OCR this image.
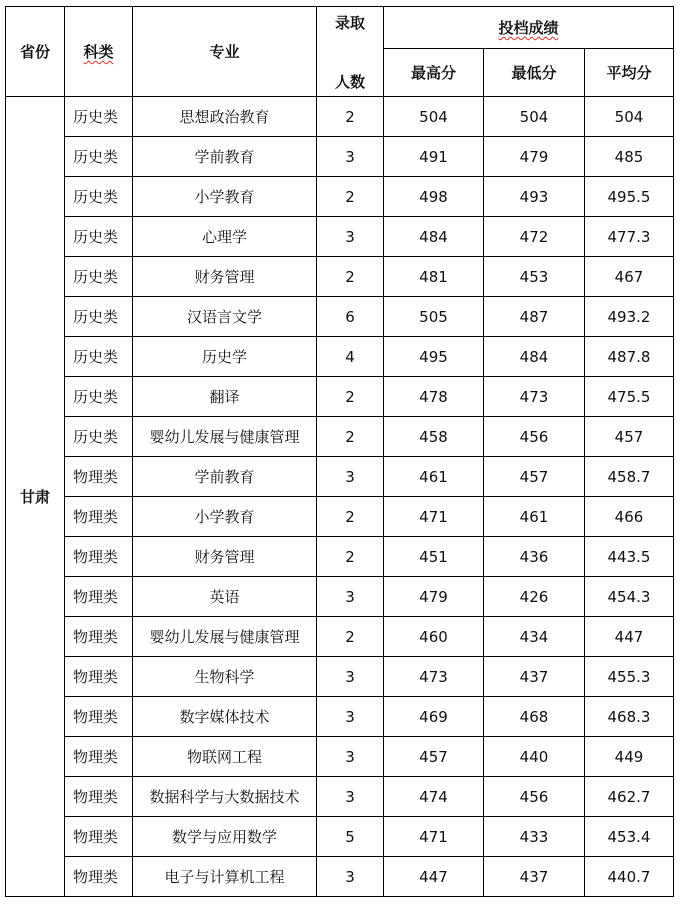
省份	科类	专业	录取
人数	投档成绩		
				最高分	最低分	平均分
甘肃	历史类	思想政治教育	2	504	504	504
	历史类	学前教育	3	491	479	485
	历史类	小学教育	2	498	493	495.5
	历史类	心理学	3	484	472	477.3
	历史类	财务管理	2	481	453	467
	历史类	汉语言文学	6	505	487	493.2
	历史类	历史学	4	495	484	487.8
	历史类	翻译	2	478	473	475.5
	历史类	婴幼儿发展与健康管理	2	458	456	457
	物理类	学前教育	3	461	457	458.7
	物理类	小学教育	2	471	461	466
	物理类	财务管理	2	451	436	443.5
	物理类	英语	3	479	426	454.3
	物理类	婴幼儿发展与健康管理	2	460	434	447
	物理类	生物科学	3	473	437	455.3
	物理类	数字媒体技术	3	469	468	468.3
	物理类	物联网工程	3	457	440	449
	物理类	数据科学与大数据技术	3	474	456	462.7
	物理类	数学与应用数学	5	471	433	453.4
	物理类	电子与计算机工程	3	447	437	440.7
